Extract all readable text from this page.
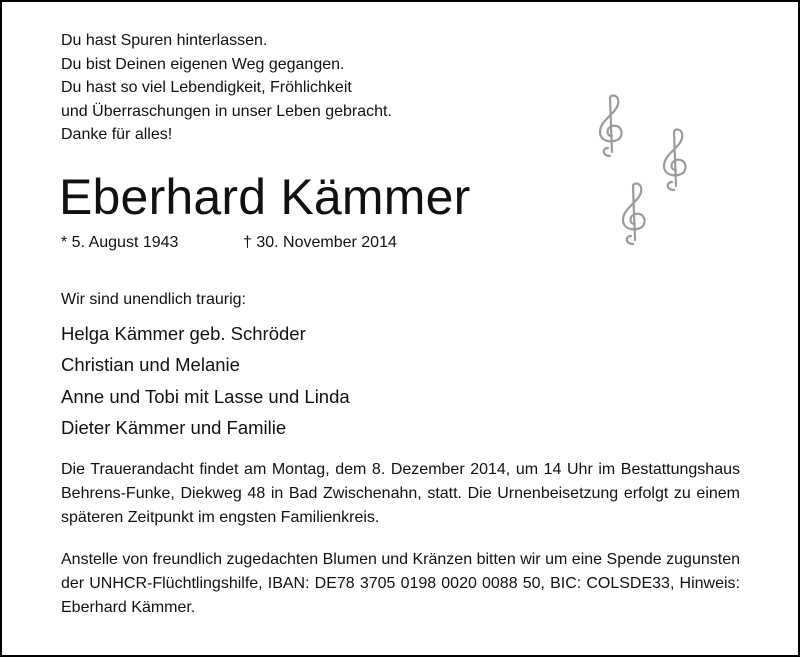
Du hast Spuren hinterlassen.
Du bist Deinen eigenen Weg gegangen.
Du hast so viel Lebendigkeit, Fröhlichkeit
und Überraschungen in unser Leben gebracht.
Danke für alles!
Eberhard Kämmer
* 5. August 1943	† 30. November 2014
Wir sind unendlich traurig:
Helga Kämmer geb. Schröder
Christian und Melanie
Anne und Tobi mit Lasse und Linda
Dieter Kämmer und Familie
Die Trauerandacht findet am Montag, dem 8. Dezember 2014, um 14 Uhr im Bestattungshaus Behrens-Funke, Diekweg 48 in Bad Zwischenahn, statt. Die Urnenbeisetzung erfolgt zu einem späteren Zeitpunkt im engsten Familienkreis.
Anstelle von freundlich zugedachten Blumen und Kränzen bitten wir um eine Spende zugunsten der UNHCR-Flüchtlingshilfe, IBAN: DE78 3705 0198 0020 0088 50, BIC: COLSDE33, Hinweis: Eberhard Kämmer.
